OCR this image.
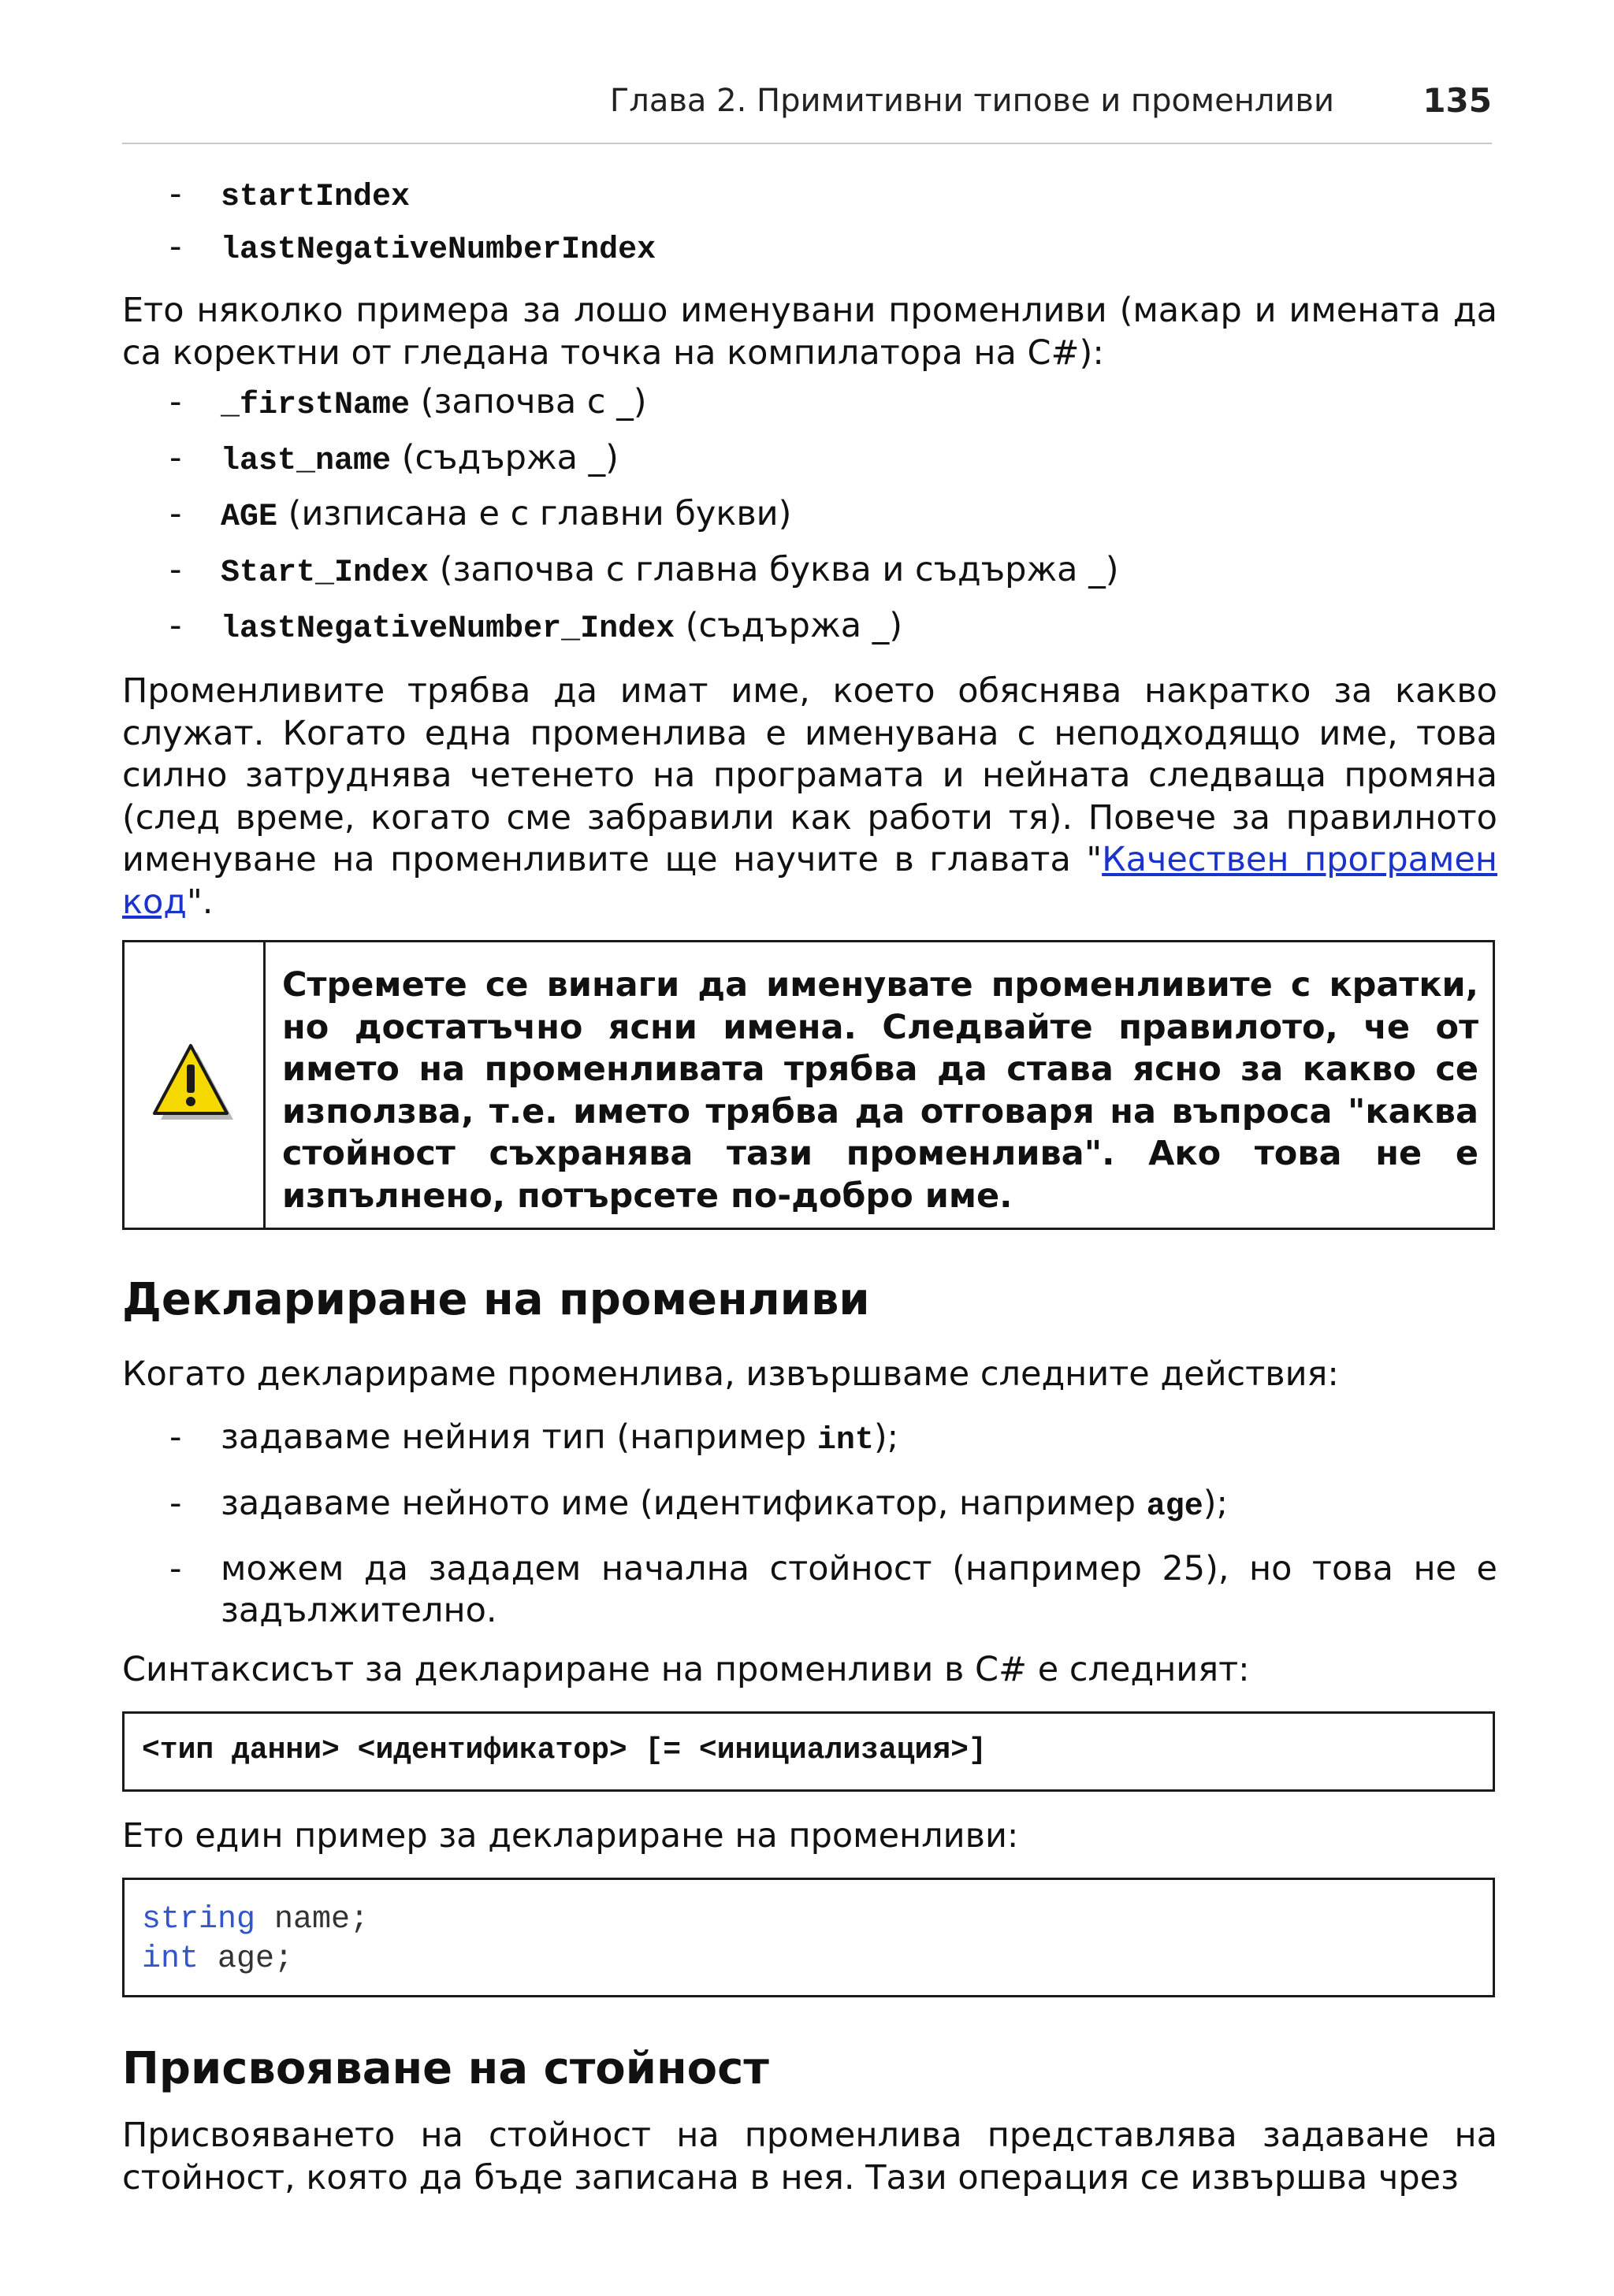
Глава 2. Примитивни типове и променливи	135
- startIndex
- lastNegativeNumberIndex

Ето няколко примера за лошо именувани променливи (макар и имената да са коректни от гледана точка на компилатора на C#):

- _firstName (започва с _)
- last_name (съдържа _)
- AGE (изписана е с главни букви)
- Start_Index (започва с главна буква и съдържа _)
- lastNegativeNumber_Index (съдържа _)

Променливите трябва да имат име, което обяснява накратко за какво служат. Когато една променлива е именувана с неподходящо име, това силно затруднява четенето на програмата и нейната следваща промяна (след време, когато сме забравили как работи тя). Повече за правилното именуване на променливите ще научите в главата "Качествен програмен код".

Стремете се винаги да именувате променливите с кратки, но достатъчно ясни имена. Следвайте правилото, че от името на променливата трябва да става ясно за какво се използва, т.е. името трябва да отговаря на въпроса "каква стойност съхранява тази променлива". Ако това не е изпълнено, потърсете по-добро име.

Деклариране на променливи

Когато декларираме променлива, извършваме следните действия:

- задаваме нейния тип (например int);
- задаваме нейното име (идентификатор, например age);
- можем да зададем начална стойност (например 25), но това не е задължително.

Синтаксисът за деклариране на променливи в C# е следният:

<тип данни> <идентификатор> [= <инициализация>]

Ето един пример за деклариране на променливи:

string name;
int age;
Присвояване на стойност

Присвояването на стойност на променлива представлява задаване на стойност, която да бъде записана в нея. Тази операция се извършва чрез
